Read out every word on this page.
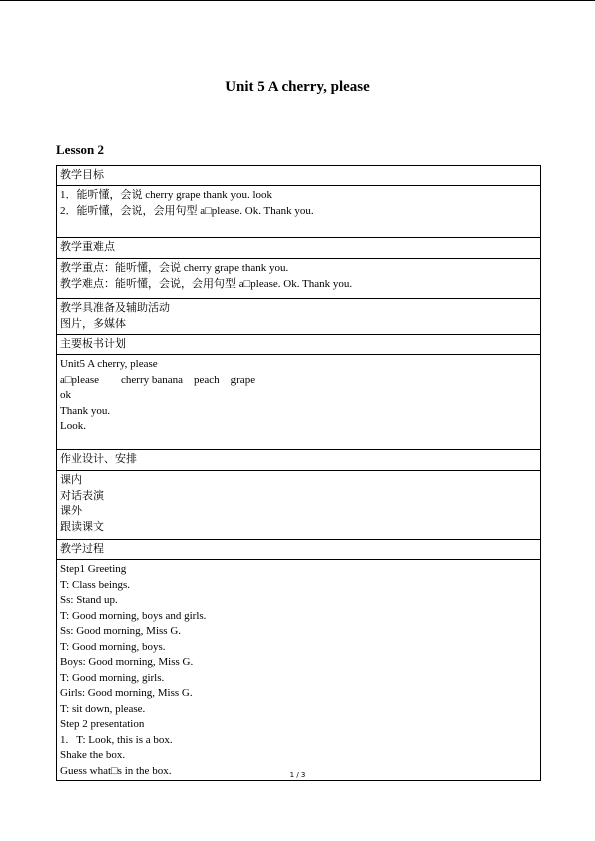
Unit 5 A cherry, please
Lesson 2
教学目标
1．能听懂，会说 cherry grape thank you. look
2．能听懂，会说，会用句型 a□please. Ok. Thank you.
教学重难点
教学重点：能听懂，会说 cherry grape thank you.
教学难点：能听懂，会说，会用句型 a□please. Ok. Thank you.
教学具准备及辅助活动
图片，多媒体
主要板书计划
Unit5 A cherry, please
a□please        cherry banana    peach    grape
ok
Thank you.
Look.
作业设计、安排
课内
对话表演
课外
跟读课文
教学过程
Step1 Greeting
T: Class beings.
Ss: Stand up.
T: Good morning, boys and girls.
Ss: Good morning, Miss G.
T: Good morning, boys.
Boys: Good morning, Miss G.
T: Good morning, girls.
Girls: Good morning, Miss G.
T: sit down, please.
Step 2 presentation
1.   T: Look, this is a box.
Shake the box.
Guess what□s in the box.	1 / 3
